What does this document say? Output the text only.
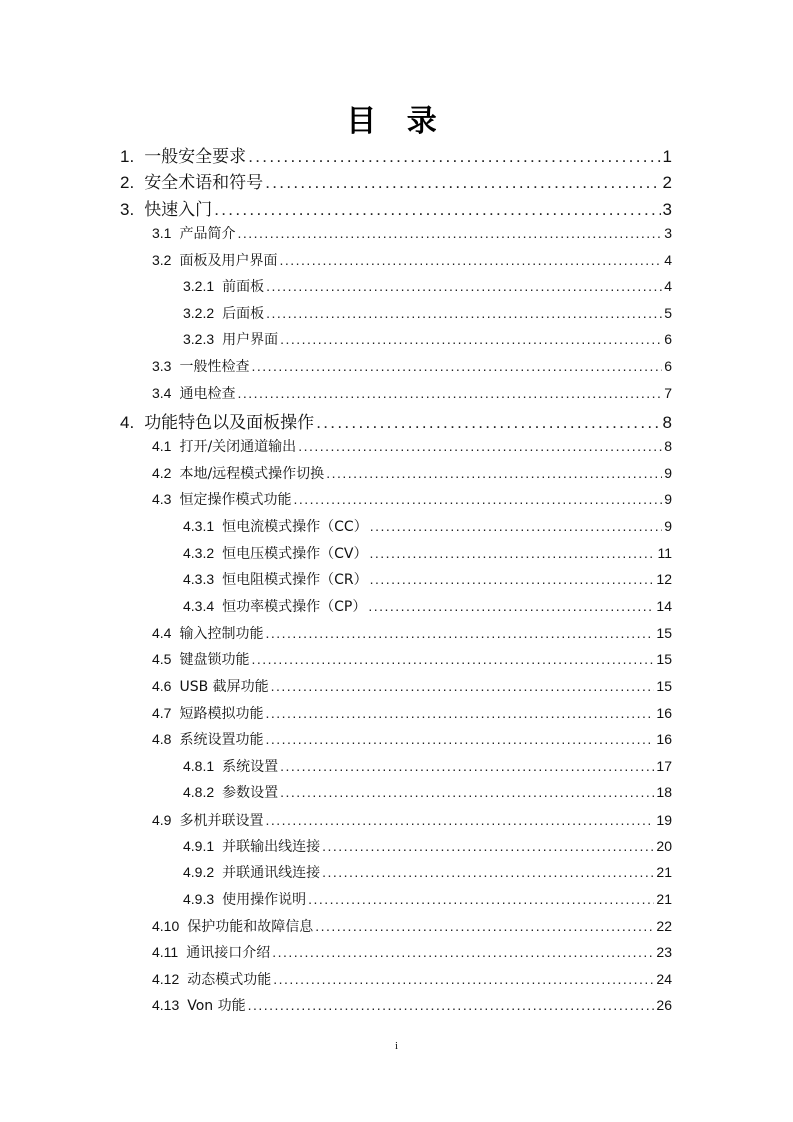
目 录
1. 一般安全要求 . . .	1
2. 安全术语和符号 . . .	2
3. 快速入门 . . .	3
3.1 产品简介 . . .	3
3.2 面板及用户界面 . . .	4
3.2.1 前面板 . . .	4
3.2.2 后面板 . . .	5
3.2.3 用户界面 . . .	6
3.3 一般性检查 . . .	6
3.4 通电检查 . . .	7
4. 功能特色以及面板操作 . . .	8
4.1 打开/关闭通道输出 . . .	8
4.2 本地/远程模式操作切换 . . .	9
4.3 恒定操作模式功能 . . .	9
4.3.1 恒电流模式操作（CC） . . .	9
4.3.2 恒电压模式操作（CV） . . .	11
4.3.3 恒电阻模式操作（CR） . . .	12
4.3.4 恒功率模式操作（CP） . . .	14
4.4 输入控制功能 . . .	15
4.5 键盘锁功能 . . .	15
4.6 USB 截屏功能 . . .	15
4.7 短路模拟功能 . . .	16
4.8 系统设置功能 . . .	16
4.8.1 系统设置 . . .	17
4.8.2 参数设置 . . .	18
4.9 多机并联设置 . . .	19
4.9.1 并联输出线连接 . . .	20
4.9.2 并联通讯线连接 . . .	21
4.9.3 使用操作说明 . . .	21
4.10 保护功能和故障信息 . . .	22
4.11 通讯接口介绍 . . .	23
4.12 动态模式功能 . . .	24
4.13 Von 功能 . . .	26
i
